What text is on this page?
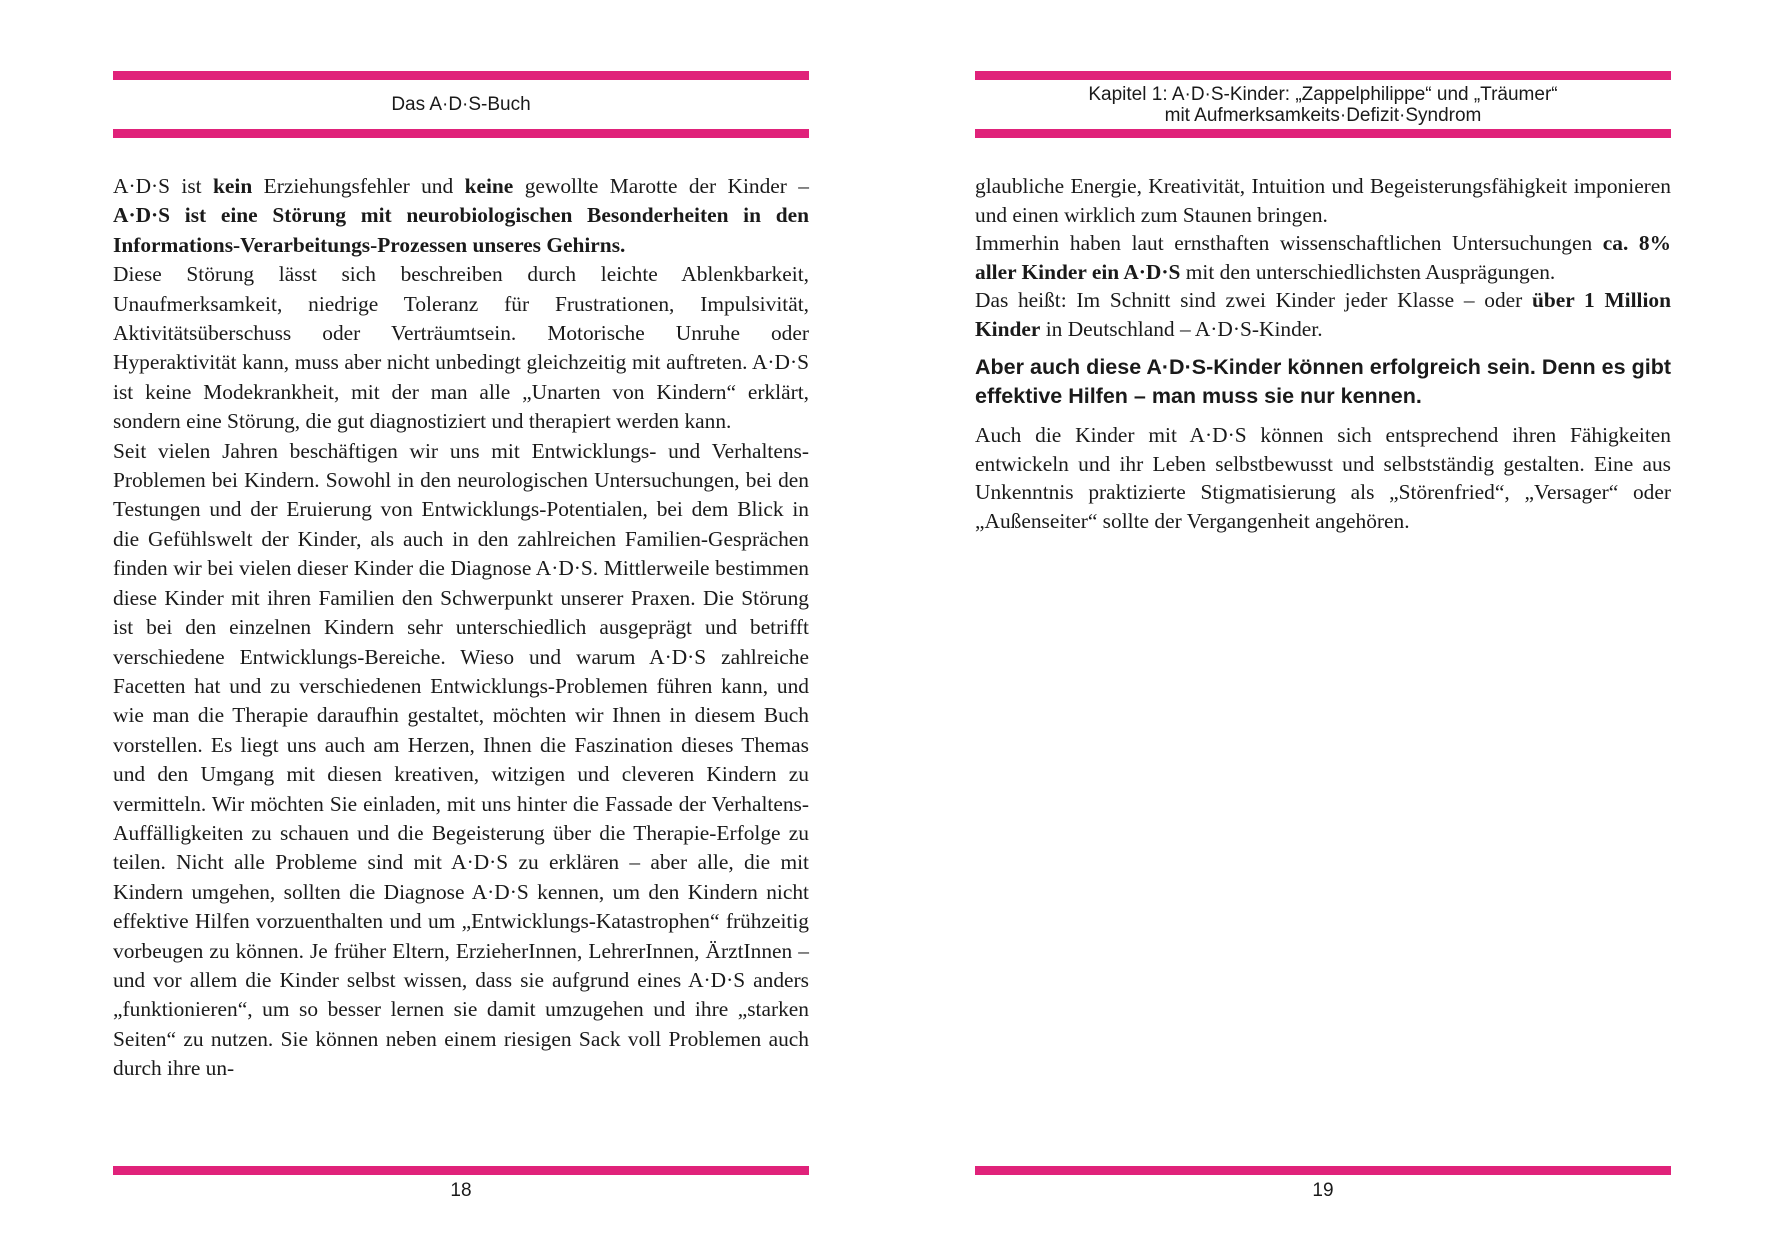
Das A·D·S-Buch

A·D·S ist kein Erziehungsfehler und keine gewollte Marotte der Kinder – A·D·S ist eine Störung mit neurobiologischen Besonderheiten in den Informations-Verarbeitungs-Prozessen unseres Gehirns.

Diese Störung lässt sich beschreiben durch leichte Ablenkbarkeit, Unaufmerksamkeit, niedrige Toleranz für Frustrationen, Impulsivität, Aktivitätsüberschuss oder Verträumtsein. Motorische Unruhe oder Hyperaktivität kann, muss aber nicht unbedingt gleichzeitig mit auftreten. A·D·S ist keine Modekrankheit, mit der man alle „Unarten von Kindern“ erklärt, sondern eine Störung, die gut diagnostiziert und therapiert werden kann.

Seit vielen Jahren beschäftigen wir uns mit Entwicklungs- und Verhaltens-Problemen bei Kindern. Sowohl in den neurologischen Untersuchungen, bei den Testungen und der Eruierung von Entwicklungs-Potentialen, bei dem Blick in die Gefühlswelt der Kinder, als auch in den zahlreichen Familien-Gesprächen finden wir bei vielen dieser Kinder die Diagnose A·D·S. Mittlerweile bestimmen diese Kinder mit ihren Familien den Schwerpunkt unserer Praxen. Die Störung ist bei den einzelnen Kindern sehr unterschiedlich ausgeprägt und betrifft verschiedene Entwicklungs-Bereiche. Wieso und warum A·D·S zahlreiche Facetten hat und zu verschiedenen Entwicklungs-Problemen führen kann, und wie man die Therapie daraufhin gestaltet, möchten wir Ihnen in diesem Buch vorstellen. Es liegt uns auch am Herzen, Ihnen die Faszination dieses Themas und den Umgang mit diesen kreativen, witzigen und cleveren Kindern zu vermitteln. Wir möchten Sie einladen, mit uns hinter die Fassade der Verhaltens-Auffälligkeiten zu schauen und die Begeisterung über die Therapie-Erfolge zu teilen. Nicht alle Probleme sind mit A·D·S zu erklären – aber alle, die mit Kindern umgehen, sollten die Diagnose A·D·S kennen, um den Kindern nicht effektive Hilfen vorzuenthalten und um „Entwicklungs-Katastrophen“ frühzeitig vorbeugen zu können. Je früher Eltern, ErzieherInnen, LehrerInnen, ÄrztInnen – und vor allem die Kinder selbst wissen, dass sie aufgrund eines A·D·S anders „funktionieren“, um so besser lernen sie damit umzugehen und ihre „starken Seiten“ zu nutzen. Sie können neben einem riesigen Sack voll Problemen auch durch ihre un-

18
Kapitel 1: A·D·S-Kinder: „Zappelphilippe“ und „Träumer“
mit Aufmerksamkeits·Defizit·Syndrom

glaubliche Energie, Kreativität, Intuition und Begeisterungsfähigkeit imponieren und einen wirklich zum Staunen bringen.

Immerhin haben laut ernsthaften wissenschaftlichen Untersuchungen ca. 8% aller Kinder ein A·D·S mit den unterschiedlichsten Ausprägungen.

Das heißt: Im Schnitt sind zwei Kinder jeder Klasse – oder über 1 Million Kinder in Deutschland – A·D·S-Kinder.

Aber auch diese A·D·S-Kinder können erfolgreich sein. Denn es gibt effektive Hilfen – man muss sie nur kennen.

Auch die Kinder mit A·D·S können sich entsprechend ihren Fähigkeiten entwickeln und ihr Leben selbstbewusst und selbstständig gestalten. Eine aus Unkenntnis praktizierte Stigmatisierung als „Störenfried“, „Versager“ oder „Außenseiter“ sollte der Vergangenheit angehören.

19
